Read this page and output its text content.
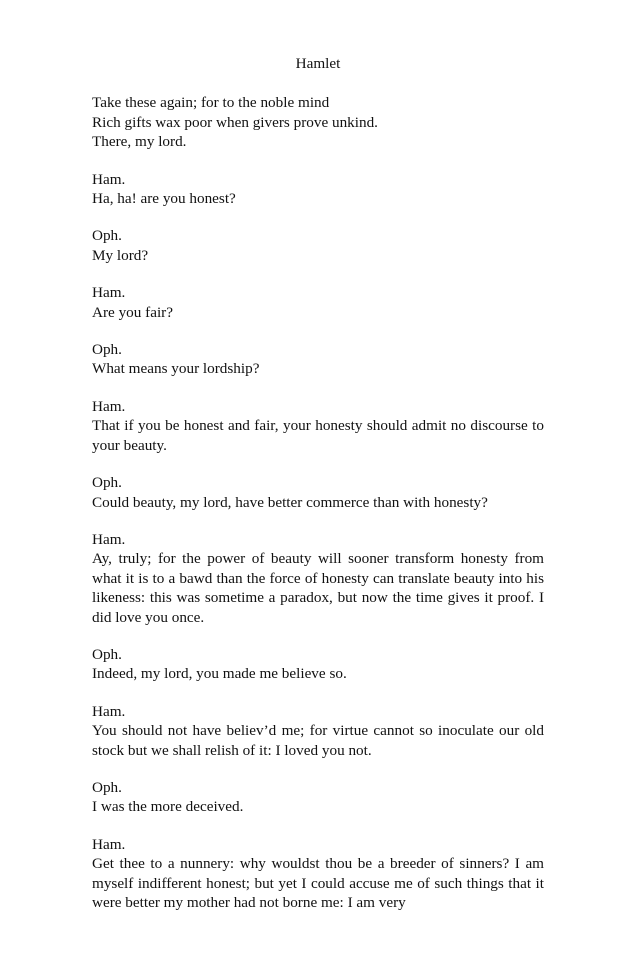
Hamlet
Take these again; for to the noble mind
Rich gifts wax poor when givers prove unkind.
There, my lord.
Ham.
Ha, ha! are you honest?
Oph.
My lord?
Ham.
Are you fair?
Oph.
What means your lordship?
Ham.
That if you be honest and fair, your honesty should admit no discourse to your beauty.
Oph.
Could beauty, my lord, have better commerce than with honesty?
Ham.
Ay, truly; for the power of beauty will sooner transform honesty from what it is to a bawd than the force of honesty can translate beauty into his likeness: this was sometime a paradox, but now the time gives it proof. I did love you once.
Oph.
Indeed, my lord, you made me believe so.
Ham.
You should not have believ’d me; for virtue cannot so inoculate our old stock but we shall relish of it: I loved you not.
Oph.
I was the more deceived.
Ham.
Get thee to a nunnery: why wouldst thou be a breeder of sinners? I am myself indifferent honest; but yet I could accuse me of such things that it were better my mother had not borne me: I am very
